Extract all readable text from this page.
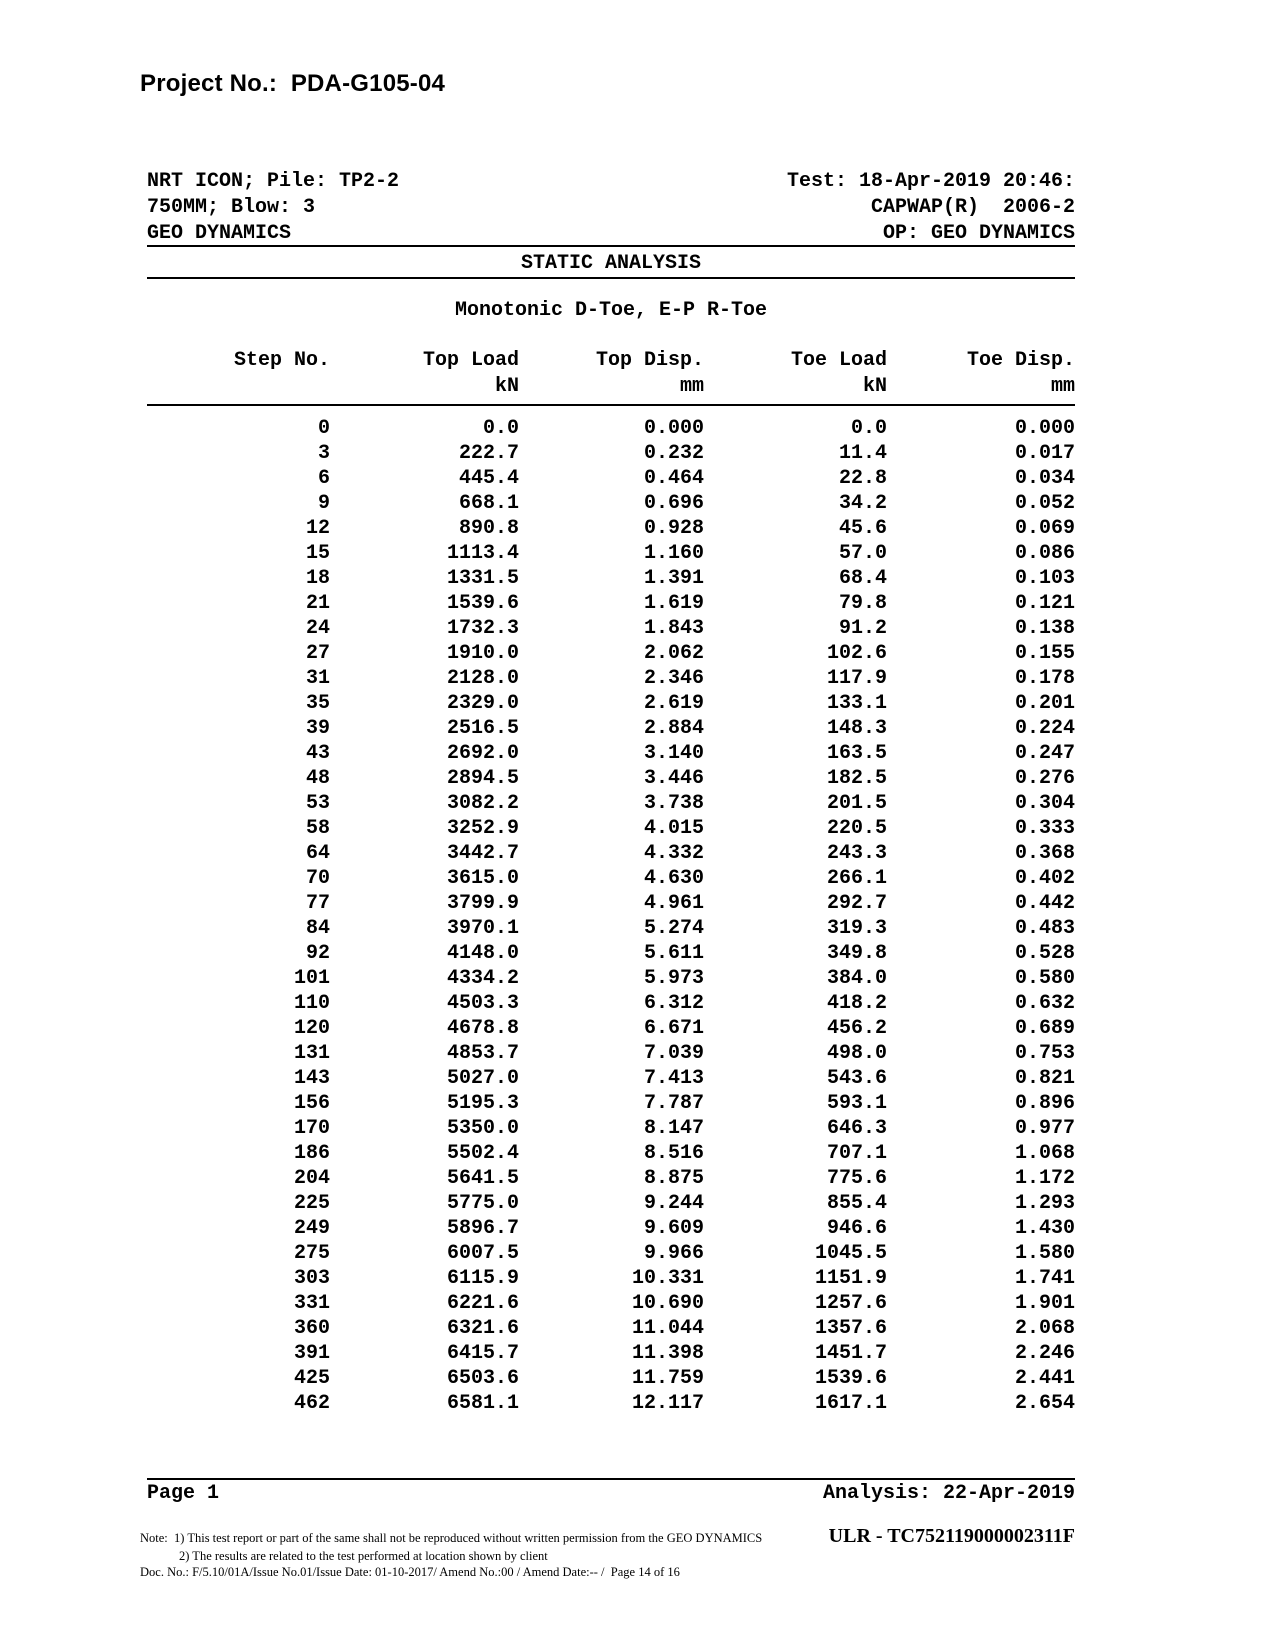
Project No.:  PDA-G105-04
NRT ICON; Pile: TP2-2	Test: 18-Apr-2019 20:46:
750MM; Blow: 3	CAPWAP(R)  2006-2
GEO DYNAMICS	OP: GEO DYNAMICS
STATIC ANALYSIS
Monotonic D-Toe, E-P R-Toe
Step No.	Top Load	Top Disp.	Toe Load	Toe Disp.
kN	mm	kN	mm
0	0.0	0.000	0.0	0.000
3	222.7	0.232	11.4	0.017
6	445.4	0.464	22.8	0.034
9	668.1	0.696	34.2	0.052
12	890.8	0.928	45.6	0.069
15	1113.4	1.160	57.0	0.086
18	1331.5	1.391	68.4	0.103
21	1539.6	1.619	79.8	0.121
24	1732.3	1.843	91.2	0.138
27	1910.0	2.062	102.6	0.155
31	2128.0	2.346	117.9	0.178
35	2329.0	2.619	133.1	0.201
39	2516.5	2.884	148.3	0.224
43	2692.0	3.140	163.5	0.247
48	2894.5	3.446	182.5	0.276
53	3082.2	3.738	201.5	0.304
58	3252.9	4.015	220.5	0.333
64	3442.7	4.332	243.3	0.368
70	3615.0	4.630	266.1	0.402
77	3799.9	4.961	292.7	0.442
84	3970.1	5.274	319.3	0.483
92	4148.0	5.611	349.8	0.528
101	4334.2	5.973	384.0	0.580
110	4503.3	6.312	418.2	0.632
120	4678.8	6.671	456.2	0.689
131	4853.7	7.039	498.0	0.753
143	5027.0	7.413	543.6	0.821
156	5195.3	7.787	593.1	0.896
170	5350.0	8.147	646.3	0.977
186	5502.4	8.516	707.1	1.068
204	5641.5	8.875	775.6	1.172
225	5775.0	9.244	855.4	1.293
249	5896.7	9.609	946.6	1.430
275	6007.5	9.966	1045.5	1.580
303	6115.9	10.331	1151.9	1.741
331	6221.6	10.690	1257.6	1.901
360	6321.6	11.044	1357.6	2.068
391	6415.7	11.398	1451.7	2.246
425	6503.6	11.759	1539.6	2.441
462	6581.1	12.117	1617.1	2.654
Page 1	Analysis: 22-Apr-2019
Note:  1) This test report or part of the same shall not be reproduced without written permission from the GEO DYNAMICS
2) The results are related to the test performed at location shown by client
Doc. No.: F/5.10/01A/Issue No.01/Issue Date: 01-10-2017/ Amend No.:00 / Amend Date:-- /  Page 14 of 16
ULR - TC752119000002311F
